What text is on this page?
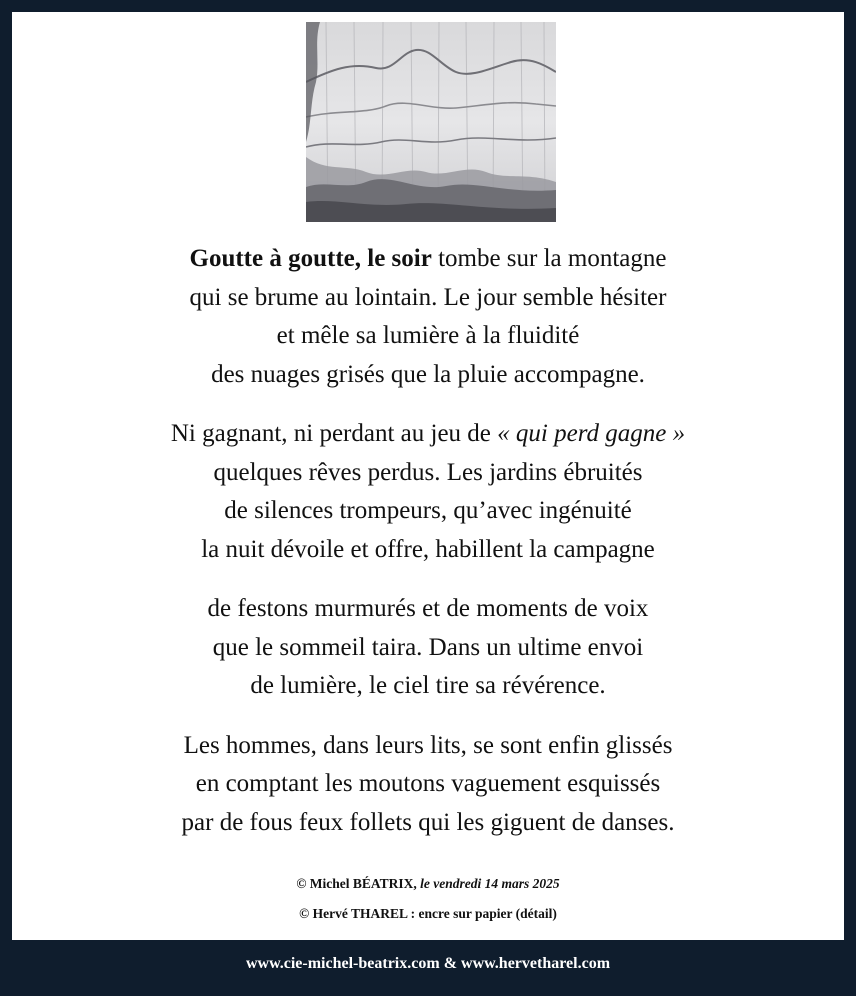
Goutte à goutte, le soir tombe sur la montagne
qui se brume au lointain. Le jour semble hésiter
et mêle sa lumière à la fluidité
des nuages grisés que la pluie accompagne.
Ni gagnant, ni perdant au jeu de « qui perd gagne »
quelques rêves perdus. Les jardins ébruités
de silences trompeurs, qu’avec ingénuité
la nuit dévoile et offre, habillent la campagne
de festons murmurés et de moments de voix
que le sommeil taira. Dans un ultime envoi
de lumière, le ciel tire sa révérence.
Les hommes, dans leurs lits, se sont enfin glissés
en comptant les moutons vaguement esquissés
par de fous feux follets qui les giguent de danses.
© Michel BÉATRIX, le vendredi 14 mars 2025
© Hervé THAREL : encre sur papier (détail)
www.cie-michel-beatrix.com & www.hervetharel.com
